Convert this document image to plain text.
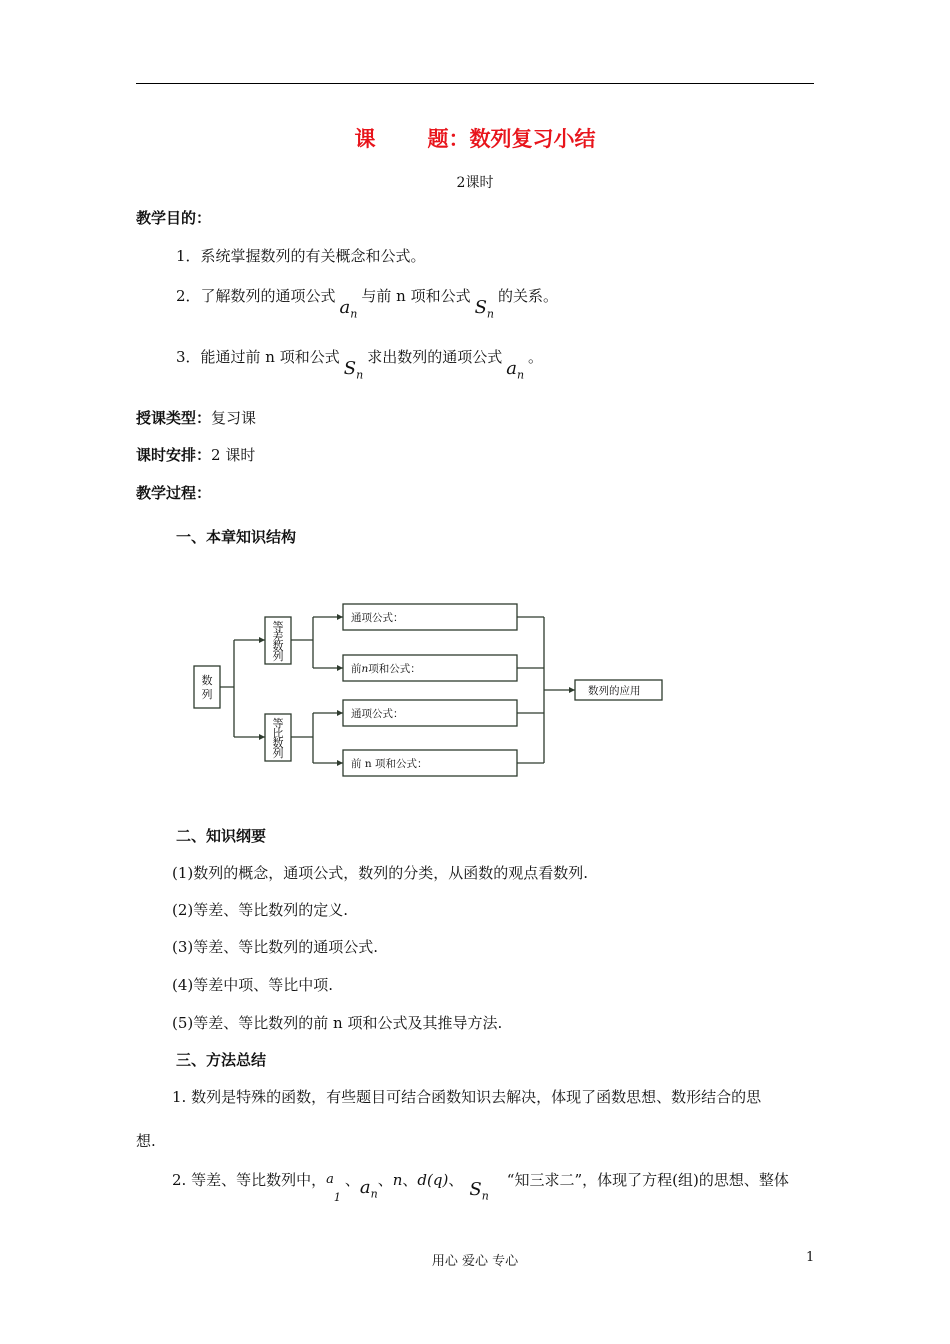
课 题：数列复习小结
2课时
教学目的：
1．系统掌握数列的有关概念和公式。
2．了解数列的通项公式$a_n$与前 n 项和公式$S_n$的关系。
3．能通过前 n 项和公式$S_n$求出数列的通项公式$a_n$。
授课类型：复习课
课时安排：2 课时
教学过程：
一、本章知识结构
数
列
等
差
数
列
等
比
数
列
通项公式：
前n项和公式：
通项公式：
前 n 项和公式：
数列的应用
二、知识纲要
(1)数列的概念，通项公式，数列的分类，从函数的观点看数列.
(2)等差、等比数列的定义.
(3)等差、等比数列的通项公式.
(4)等差中项、等比中项.
(5)等差、等比数列的前 n 项和公式及其推导方法.
三、方法总结
1. 数列是特殊的函数，有些题目可结合函数知识去解决，体现了函数思想、数形结合的思
想.
2. 等差、等比数列中，$a_1$、$a_n$、n、d(q)、 $S_n“$知三求二”，体现了方程(组)的思想、整体
用心 爱心 专心	1
